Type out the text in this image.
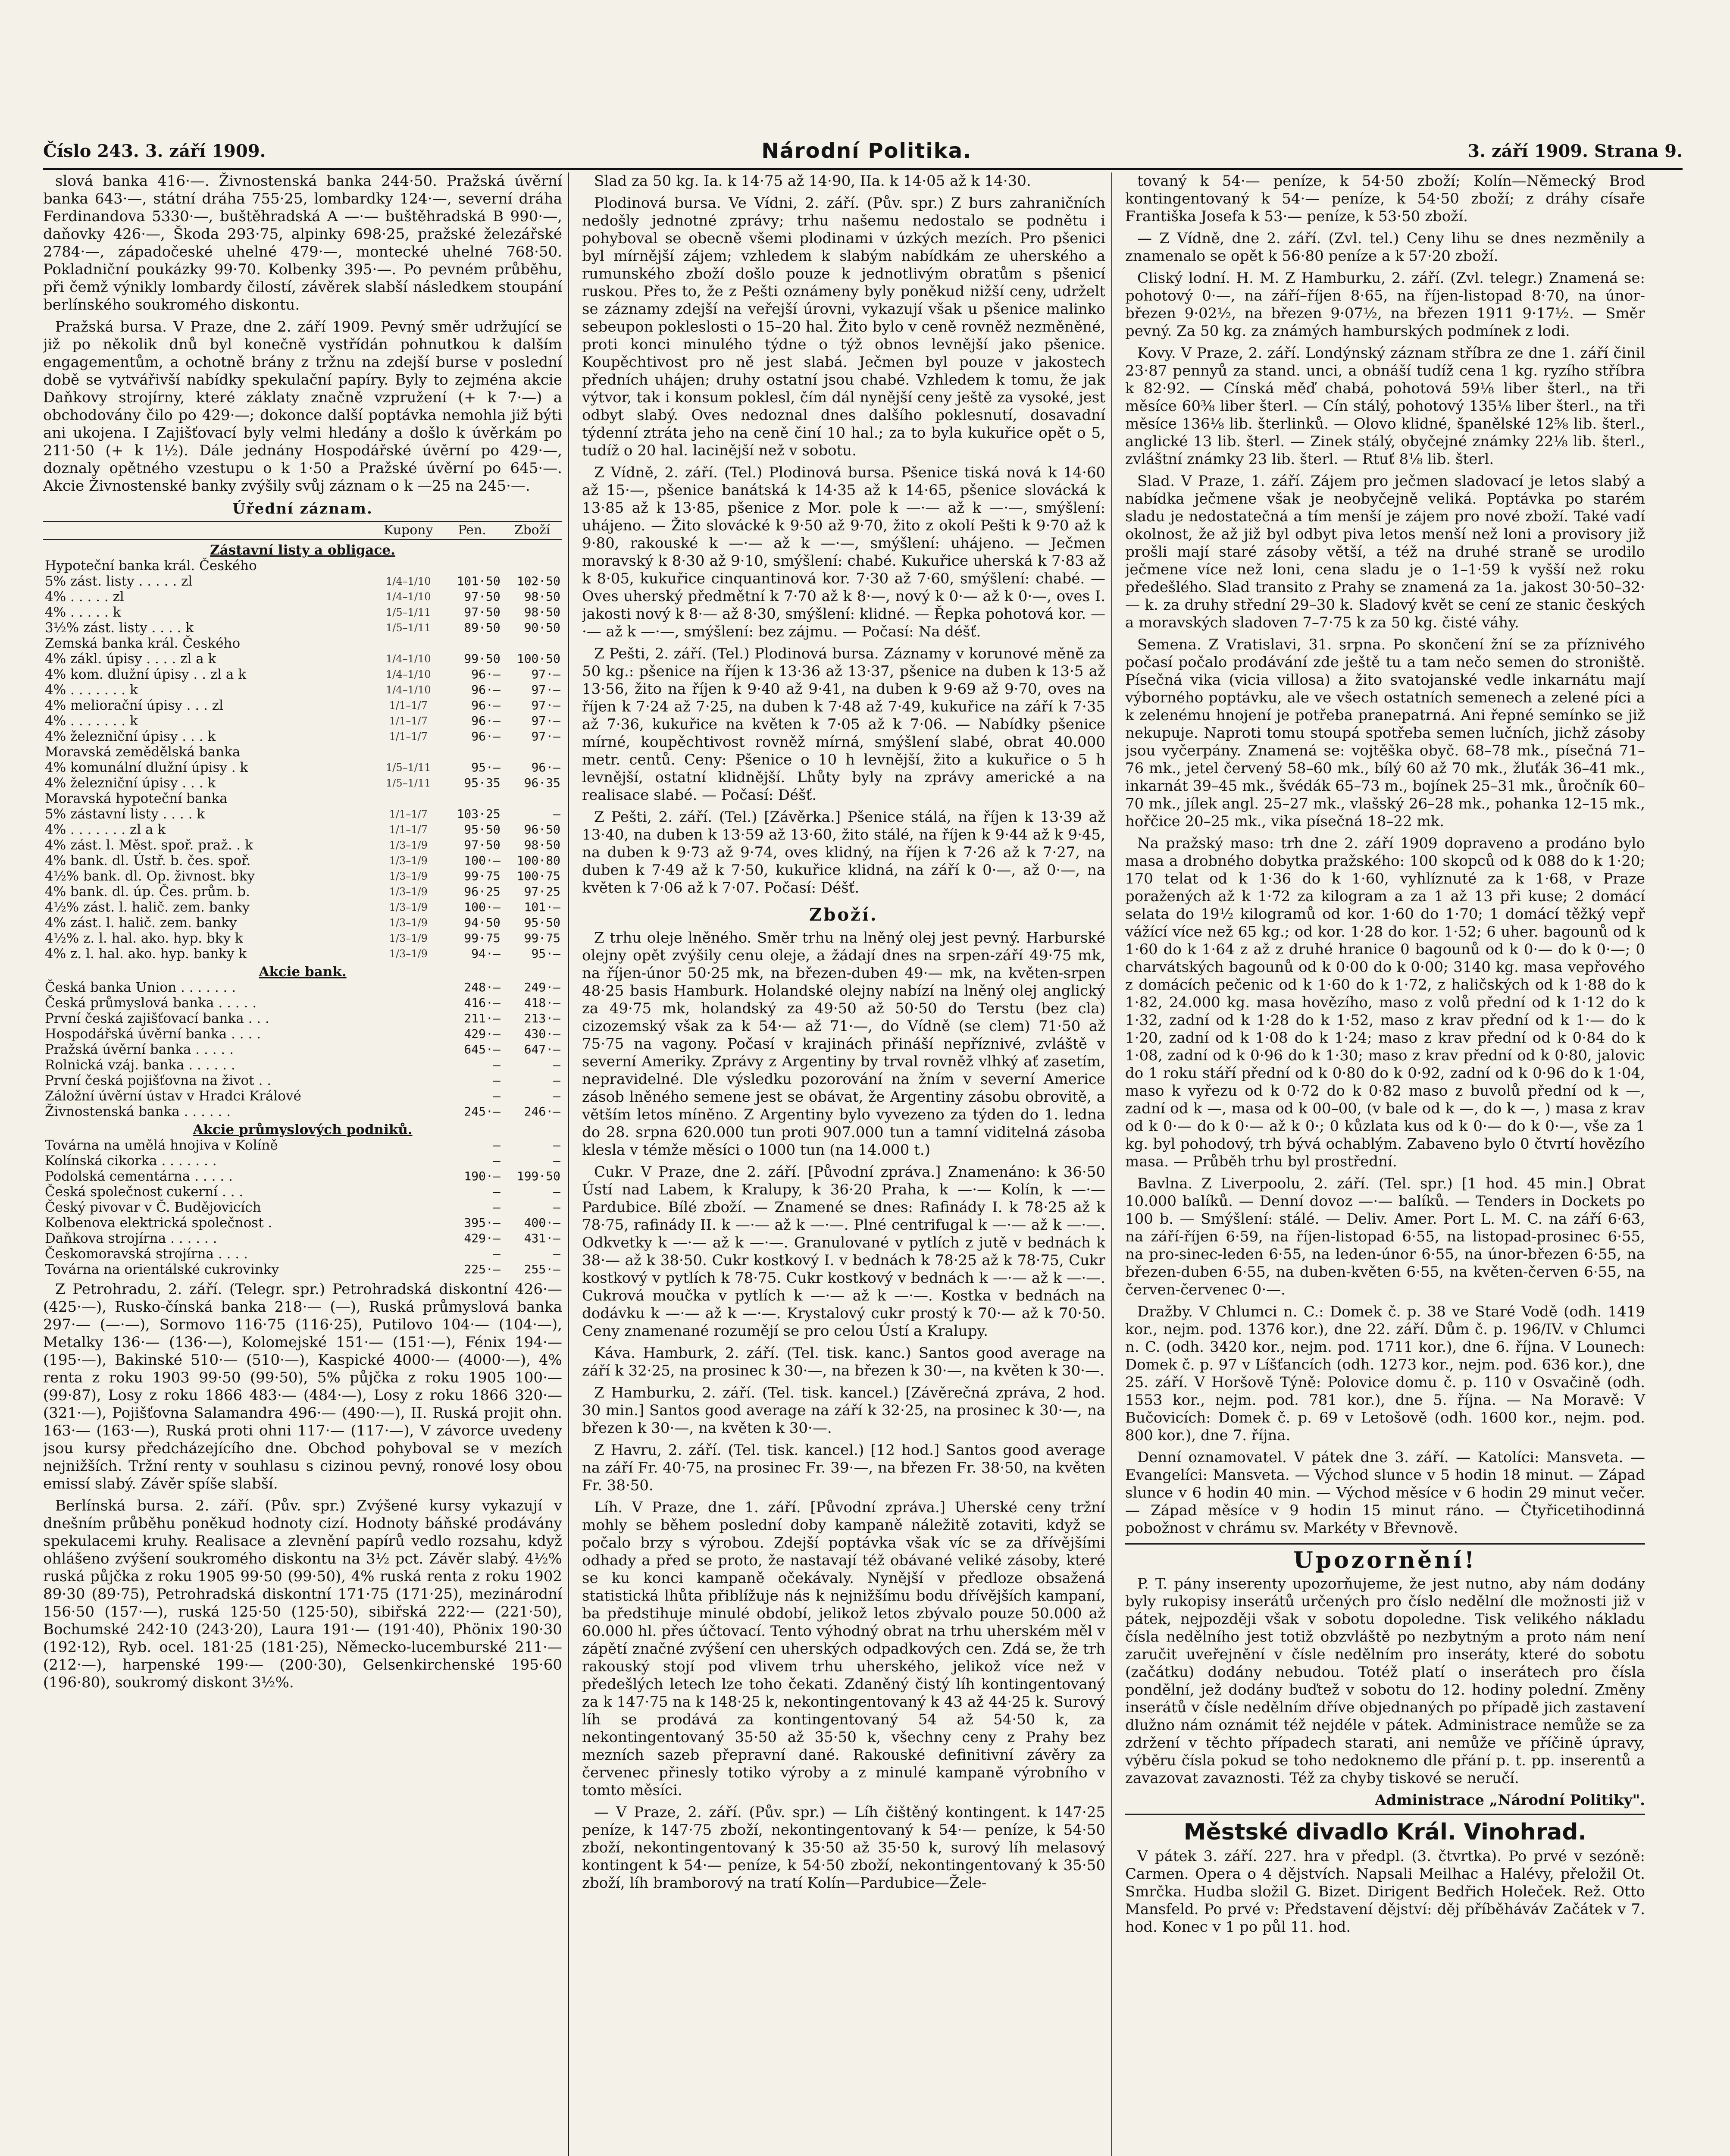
Číslo 243. 3. září 1909.	Národní Politika.	3. září 1909. Strana 9.

slová banka 416·—. Živnostenská banka 244·50. Pražská úvěrní banka 643·—, státní dráha 755·25, lombardky 124·—, severní dráha Ferdinandova 5330·—, buštěhradská A —·— buštěhradská B 990·—, daňovky 426·—, Škoda 293·75, alpinky 698·25, pražské železářské 2784·—, západočeské uhelné 479·—, montecké uhelné 768·50. Pokladniční poukázky 99·70. Kolbenky 395·—. Po pevném průběhu, při čemž výnikly lombardy čilostí, závěrek slabší následkem stoupání berlínského soukromého diskontu.

Pražská bursa. V Praze, dne 2. září 1909. Pevný směr udržující se již po několik dnů byl konečně vystřídán pohnutkou k dalším engagementům, a ochotně brány z tržnu na zdejší burse v poslední době se vytvářivší nabídky spekulační papíry. Byly to zejména akcie Daňkovy strojírny, které záklaty značně vzpružení (+ k 7·—) a obchodovány čilo po 429·—; dokonce další poptávka nemohla již býti ani ukojena. I Zajišťovací byly velmi hledány a došlo k úvěrkám po 211·50 (+ k 1½). Dále jednány Hospodářské úvěrní po 429·—, doznaly opětného vzestupu o k 1·50 a Pražské úvěrní po 645·—. Akcie Živnostenské banky zvýšily svůj záznam o k —25 na 245·—.

Úřední záznam.
	Kupony	Pen.	Zboží
Zástavní listy a obligace.			
Hypoteční banka král. Českého			
5% zást. listy . . . . . zl	1/4–1/10	101·50	102·50
4% . . . . . zl	1/4–1/10	97·50	98·50
4% . . . . . k	1/5–1/11	97·50	98·50
3½% zást. listy . . . . k	1/5–1/11	89·50	90·50
Zemská banka král. Českého			
4% zákl. úpisy . . . . zl a k	1/4–1/10	99·50	100·50
4% kom. dlužní úpisy . . zl a k	1/4–1/10	96·—	97·—
4% . . . . . . . k	1/4–1/10	96·—	97·—
4% meliorační úpisy . . . zl	1/1–1/7	96·—	97·—
4% . . . . . . . k	1/1–1/7	96·—	97·—
4% železniční úpisy . . . k	1/1–1/7	96·—	97·—
Moravská zemědělská banka			
4% komunální dlužní úpisy . k	1/5–1/11	95·—	96·—
4% železniční úpisy . . . k	1/5–1/11	95·35	96·35
Moravská hypoteční banka			
5% zástavní listy . . . . k	1/1–1/7	103·25	—
4% . . . . . . . zl a k	1/1–1/7	95·50	96·50
4% zást. l. Měst. spoř. praž. . k	1/3–1/9	97·50	98·50
4% bank. dl. Ústř. b. čes. spoř.	1/3–1/9	100·—	100·80
4½% bank. dl. Op. živnost. bky	1/3–1/9	99·75	100·75
4% bank. dl. úp. Čes. prům. b.	1/3–1/9	96·25	97·25
4½% zást. l. halič. zem. banky	1/3–1/9	100·—	101·—
4% zást. l. halič. zem. banky	1/3–1/9	94·50	95·50
4½% z. l. hal. ako. hyp. bky k	1/3–1/9	99·75	99·75
4% z. l. hal. ako. hyp. banky k	1/3–1/9	94·—	95·—
Akcie bank.			
Česká banka Union . . . . . . .		248·—	249·—
Česká průmyslová banka . . . . .		416·—	418·—
První česká zajišťovací banka . . .		211·—	213·—
Hospodářská úvěrní banka . . . .		429·—	430·—
Pražská úvěrní banka . . . . .		645·—	647·—
Rolnická vzáj. banka . . . . . .		—	—
První česká pojišťovna na život . .		—	—
Záložní úvěrní ústav v Hradci Králové		—	—
Živnostenská banka . . . . . .		245·—	246·—
Akcie průmyslových podniků.			
Továrna na umělá hnojiva v Kolíně		—	—
Kolínská cikorka . . . . . . .		—	—
Podolská cementárna . . . . .		190·—	199·50
Česká společnost cukerní . . .		—	—
Český pivovar v Č. Budějovicích		—	—
Kolbenova elektrická společnost .		395·—	400·—
Daňkova strojírna . . . . . .		429·—	431·—
Českomoravská strojírna . . . .		—	—
Továrna na orientálské cukrovinky		225·—	255·—

Z Petrohradu, 2. září. (Telegr. spr.) Petrohradská diskontní 426·— (425·—), Rusko-čínská banka 218·— (—), Ruská průmyslová banka 297·— (—·—), Sormovo 116·75 (116·25), Putilovo 104·— (104·—), Metalky 136·— (136·—), Kolomejské 151·— (151·—), Fénix 194·— (195·—), Bakinské 510·— (510·—), Kaspické 4000·— (4000·—), 4% renta z roku 1903 99·50 (99·50), 5% půjčka z roku 1905 100·— (99·87), Losy z roku 1866 483·— (484·—), Losy z roku 1866 320·— (321·—), Pojišťovna Salamandra 496·— (490·—), II. Ruská projit ohn. 163·— (163·—), Ruská proti ohni 117·— (117·—), V závorce uvedeny jsou kursy předcházejícího dne. Obchod pohyboval se v mezích nejnižších. Tržní renty v souhlasu s cizinou pevný, ronové losy obou emissí slabý. Závěr spíše slabší.

Berlínská bursa. 2. září. (Pův. spr.) Zvýšené kursy vykazují v dnešním průběhu poněkud hodnoty cizí. Hodnoty báňské prodávány spekulacemi kruhy. Realisace a zlevnění papírů vedlo rozsahu, když ohlášeno zvýšení soukromého diskontu na 3½ pct. Závěr slabý. 4½% ruská půjčka z roku 1905 99·50 (99·50), 4% ruská renta z roku 1902 89·30 (89·75), Petrohradská diskontní 171·75 (171·25), mezinárodní 156·50 (157·—), ruská 125·50 (125·50), sibiřská 222·— (221·50), Bochumské 242·10 (243·20), Laura 191·— (191·40), Phönix 190·30 (192·12), Ryb. ocel. 181·25 (181·25), Německo-lucemburské 211·— (212·—), harpenské 199·— (200·30), Gelsenkirchenské 195·60 (196·80), soukromý diskont 3½%.

Slad za 50 kg. Ia. k 14·75 až 14·90, IIa. k 14·05 až k 14·30.

Plodinová bursa. Ve Vídni, 2. září. (Pův. spr.) Z burs zahraničních nedošly jednotné zprávy; trhu našemu nedostalo se podnětu i pohyboval se obecně všemi plodinami v úzkých mezích. Pro pšenici byl mírnější zájem; vzhledem k slabým nabídkám ze uherského a rumunského zboží došlo pouze k jednotlivým obratům s pšenicí ruskou. Přes to, že z Pešti oznámeny byly poněkud nižší ceny, udrželt se záznamy zdejší na veřejší úrovni, vykazují však u pšenice malinko sebeupon pokleslosti o 15–20 hal. Žito bylo v ceně rovněž nezměněné, proti konci minulého týdne o týž obnos levnější jako pšenice. Koupěchtivost pro ně jest slabá. Ječmen byl pouze v jakostech předních uhájen; druhy ostatní jsou chabé. Vzhledem k tomu, že jak výtvor, tak i konsum poklesl, čím dál nynější ceny ještě za vysoké, jest odbyt slabý. Oves nedoznal dnes dalšího poklesnutí, dosavadní týdenní ztráta jeho na ceně činí 10 hal.; za to byla kukuřice opět o 5, tudíž o 20 hal. lacinější než v sobotu.

Z Vídně, 2. září. (Tel.) Plodinová bursa. Pšenice tiská nová k 14·60 až 15·—, pšenice banátská k 14·35 až k 14·65, pšenice slovácká k 13·85 až k 13·85, pšenice z Mor. pole k —·— až k —·—, smýšlení: uhájeno. — Žito slovácké k 9·50 až 9·70, žito z okolí Pešti k 9·70 až k 9·80, rakouské k —·— až k —·—, smýšlení: uhájeno. — Ječmen moravský k 8·30 až 9·10, smýšlení: chabé. Kukuřice uherská k 7·83 až k 8·05, kukuřice cinquantinová kor. 7·30 až 7·60, smýšlení: chabé. — Oves uherský předmětní k 7·70 až k 8·—, nový k 0·— až k 0·—, oves I. jakosti nový k 8·— až 8·30, smýšlení: klidné. — Řepka pohotová kor. —·— až k —·—, smýšlení: bez zájmu. — Počasí: Na déšť.

Z Pešti, 2. září. (Tel.) Plodinová bursa. Záznamy v korunové měně za 50 kg.: pšenice na říjen k 13·36 až 13·37, pšenice na duben k 13·5 až 13·56, žito na říjen k 9·40 až 9·41, na duben k 9·69 až 9·70, oves na říjen k 7·24 až 7·25, na duben k 7·48 až 7·49, kukuřice na září k 7·35 až 7·36, kukuřice na květen k 7·05 až k 7·06. — Nabídky pšenice mírné, koupěchtivost rovněž mírná, smýšlení slabé, obrat 40.000 metr. centů. Ceny: Pšenice o 10 h levnější, žito a kukuřice o 5 h levnější, ostatní klidnější. Lhůty byly na zprávy americké a na realisace slabé. — Počasí: Déšť.

Z Pešti, 2. září. (Tel.) [Závěrka.] Pšenice stálá, na říjen k 13·39 až 13·40, na duben k 13·59 až 13·60, žito stálé, na říjen k 9·44 až k 9·45, na duben k 9·73 až 9·74, oves klidný, na říjen k 7·26 až k 7·27, na duben k 7·49 až k 7·50, kukuřice klidná, na září k 0·—, až 0·—, na květen k 7·06 až k 7·07. Počasí: Déšť.

Zboží.

Z trhu oleje lněného. Směr trhu na lněný olej jest pevný. Harburské olejny opět zvýšily cenu oleje, a žádají dnes na srpen-září 49·75 mk, na říjen-únor 50·25 mk, na březen-duben 49·— mk, na květen-srpen 48·25 basis Hamburk. Holandské olejny nabízí na lněný olej anglický za 49·75 mk, holandský za 49·50 až 50·50 do Terstu (bez cla) cizozemský však za k 54·— až 71·—, do Vídně (se clem) 71·50 až 75·75 na vagony. Počasí v krajinách přináší nepříznivé, zvláště v severní Ameriky. Zprávy z Argentiny by trval rovněž vlhký ať zasetím, nepravidelné. Dle výsledku pozorování na žním v severní Americe zásob lněného semene jest se obávat, že Argentiny zásobu obrovitě, a větším letos míněno. Z Argentiny bylo vyvezeno za týden do 1. ledna do 28. srpna 620.000 tun proti 907.000 tun a tamní viditelná zásoba klesla v témže měsíci o 1000 tun (na 14.000 t.)

Cukr. V Praze, dne 2. září. [Původní zpráva.] Znamenáno: k 36·50 Ústí nad Labem, k Kralupy, k 36·20 Praha, k —·— Kolín, k —·— Pardubice. Bílé zboží. — Znamené se dnes: Rafinády I. k 78·25 až k 78·75, rafinády II. k —·— až k —·—. Plné centrifugal k —·— až k —·—. Odkvetky k —·— až k —·—. Granulované v pytlích z jutě v bednách k 38·— až k 38·50. Cukr kostkový I. v bednách k 78·25 až k 78·75, Cukr kostkový v pytlích k 78·75. Cukr kostkový v bednách k —·— až k —·—. Cukrová moučka v pytlích k —·— až k —·—. Kostka v bednách na dodávku k —·— až k —·—. Krystalový cukr prostý k 70·— až k 70·50. Ceny znamenané rozumějí se pro celou Ústí a Kralupy.

Káva. Hamburk, 2. září. (Tel. tisk. kanc.) Santos good average na září k 32·25, na prosinec k 30·—, na březen k 30·—, na květen k 30·—.

Z Hamburku, 2. září. (Tel. tisk. kancel.) [Závěrečná zpráva, 2 hod. 30 min.] Santos good average na září k 32·25, na prosinec k 30·—, na březen k 30·—, na květen k 30·—.

Z Havru, 2. září. (Tel. tisk. kancel.) [12 hod.] Santos good average na září Fr. 40·75, na prosinec Fr. 39·—, na březen Fr. 38·50, na květen Fr. 38·50.

Líh. V Praze, dne 1. září. [Původní zpráva.] Uherské ceny tržní mohly se během poslední doby kampaně náležitě zotaviti, když se počalo brzy s výrobou. Zdejší poptávka však víc se za dřívějšími odhady a před se proto, že nastavají též obávané veliké zásoby, které se ku konci kampaně očekávaly. Nynější v předloze obsažená statistická lhůta přiblížuje nás k nejnižšímu bodu dřívějších kampaní, ba předstihuje minulé období, jelikož letos zbývalo pouze 50.000 až 60.000 hl. přes účtovací. Tento výhodný obrat na trhu uherském měl v zápětí značné zvýšení cen uherských odpadkových cen. Zdá se, že trh rakouský stojí pod vlivem trhu uherského, jelikož více než v předešlých letech lze toho čekati. Zdaněný čistý líh kontingentovaný za k 147·75 na k 148·25 k, nekontingentovaný k 43 až 44·25 k. Surový líh se prodává za kontingentovaný 54 až 54·50 k, za nekontingentovaný 35·50 až 35·50 k, všechny ceny z Prahy bez mezních sazeb přepravní dané. Rakouské definitivní závěry za červenec přinesly totiko výroby a z minulé kampaně výrobního v tomto měsíci.

— V Praze, 2. září. (Pův. spr.) — Líh čištěný kontingent. k 147·25 peníze, k 147·75 zboží, nekontingentovaný k 54·— peníze, k 54·50 zboží, nekontingentovaný k 35·50 až 35·50 k, surový líh melasový kontingent k 54·— peníze, k 54·50 zboží, nekontingentovaný k 35·50 zboží, líh bramborový na tratí Kolín—Pardubice—Žele-

tovaný k 54·— peníze, k 54·50 zboží; Kolín—Německý Brod kontingentovaný k 54·— peníze, k 54·50 zboží; z dráhy císaře Františka Josefa k 53·— peníze, k 53·50 zboží.

— Z Vídně, dne 2. září. (Zvl. tel.) Ceny lihu se dnes nezměnily a znamenalo se opět k 56·80 peníze a k 57·20 zboží.

Cliský lodní. H. M. Z Hamburku, 2. září. (Zvl. telegr.) Znamená se: pohotový 0·—, na září–říjen 8·65, na říjen-listopad 8·70, na únor-březen 9·02½, na březen 9·07½, na březen 1911 9·17½. — Směr pevný. Za 50 kg. za známých hamburských podmínek z lodi.

Kovy. V Praze, 2. září. Londýnský záznam stříbra ze dne 1. září činil 23·87 pennyů za stand. unci, a obnáší tudíž cena 1 kg. ryzího stříbra k 82·92. — Cínská měď chabá, pohotová 59⅛ liber šterl., na tři měsíce 60⅜ liber šterl. — Cín stálý, pohotový 135⅛ liber šterl., na tři měsíce 136⅛ lib. šterlinků. — Olovo klidné, španělské 12⅝ lib. šterl., anglické 13 lib. šterl. — Zinek stálý, obyčejné známky 22⅛ lib. šterl., zvláštní známky 23 lib. šterl. — Rtuť 8⅛ lib. šterl.

Slad. V Praze, 1. září. Zájem pro ječmen sladovací je letos slabý a nabídka ječmene však je neobyčejně veliká. Poptávka po starém sladu je nedostatečná a tím menší je zájem pro nové zboží. Také vadí okolnost, že až již byl odbyt piva letos menší než loni a provisory již prošli mají staré zásoby větší, a též na druhé straně se urodilo ječmene více než loni, cena sladu je o 1–1·59 k vyšší než roku předešlého. Slad transito z Prahy se znamená za 1a. jakost 30·50–32·— k. za druhy střední 29–30 k. Sladový květ se cení ze stanic českých a moravských sladoven 7–7·75 k za 50 kg. čisté váhy.

Semena. Z Vratislavi, 31. srpna. Po skončení žní se za příznivého počasí počalo prodávání zde ještě tu a tam nečo semen do stroniště. Písečná vika (vicia villosa) a žito svatojanské vedle inkarnátu mají výborného poptávku, ale ve všech ostatních semenech a zelené píci a k zelenému hnojení je potřeba pranepatrná. Ani řepné semínko se již nekupuje. Naproti tomu stoupá spotřeba semen lučních, jichž zásoby jsou vyčerpány. Znamená se: vojtěška obyč. 68–78 mk., písečná 71–76 mk., jetel červený 58–60 mk., bílý 60 až 70 mk., žluťák 36–41 mk., inkarnát 39–45 mk., švédák 65–73 m., bojínek 25–31 mk., ůročník 60–70 mk., jílek angl. 25–27 mk., vlašský 26–28 mk., pohanka 12–15 mk., hořčice 20–25 mk., vika písečná 18–22 mk.

Na pražský maso: trh dne 2. září 1909 dopraveno a prodáno bylo masa a drobného dobytka pražského: 100 skopců od k 088 do k 1·20; 170 telat od k 1·36 do k 1·60, vyhlíznuté za k 1·68, v Praze poražených až k 1·72 za kilogram a za 1 až 13 při kuse; 2 domácí selata do 19½ kilogramů od kor. 1·60 do 1·70; 1 domácí těžký vepř vážící více než 65 kg.; od kor. 1·28 do kor. 1·52; 6 uher. bagounů od k 1·60 do k 1·64 z až z druhé hranice 0 bagounů od k 0·— do k 0·—; 0 charvátských bagounů od k 0·00 do k 0·00; 3140 kg. masa vepřového z domácích pečenic od k 1·60 do k 1·72, z haličských od k 1·88 do k 1·82, 24.000 kg. masa hovězího, maso z volů přední od k 1·12 do k 1·32, zadní od k 1·28 do k 1·52, maso z krav přední od k 1·— do k 1·20, zadní od k 1·08 do k 1·24; maso z krav přední od k 0·84 do k 1·08, zadní od k 0·96 do k 1·30; maso z krav přední od k 0·80, jalovic do 1 roku stáří přední od k 0·80 do k 0·92, zadní od k 0·96 do k 1·04, maso k vyřezu od k 0·72 do k 0·82 maso z buvolů přední od k —, zadní od k —, masa od k 00–00, (v bale od k —, do k —, ) masa z krav od k 0·— do k 0·— až k 0·; 0 kůzlata kus od k 0·— do k 0·—, vše za 1 kg. byl pohodový, trh bývá ochablým. Zabaveno bylo 0 čtvrtí hovězího masa. — Průběh trhu byl prostřední.

Bavlna. Z Liverpoolu, 2. září. (Tel. spr.) [1 hod. 45 min.] Obrat 10.000 balíků. — Denní dovoz —·— balíků. — Tenders in Dockets po 100 b. — Smýšlení: stálé. — Deliv. Amer. Port L. M. C. na září 6·63, na září-říjen 6·59, na říjen-listopad 6·55, na listopad-prosinec 6·55, na pro-sinec-leden 6·55, na leden-únor 6·55, na únor-březen 6·55, na březen-duben 6·55, na duben-květen 6·55, na květen-červen 6·55, na červen-červenec 0·—.

Dražby. V Chlumci n. C.: Domek č. p. 38 ve Staré Vodě (odh. 1419 kor., nejm. pod. 1376 kor.), dne 22. září. Dům č. p. 196/IV. v Chlumci n. C. (odh. 3420 kor., nejm. pod. 1711 kor.), dne 6. října. V Lounech: Domek č. p. 97 v Líšťancích (odh. 1273 kor., nejm. pod. 636 kor.), dne 25. září. V Horšově Týně: Polovice domu č. p. 110 v Osvačině (odh. 1553 kor., nejm. pod. 781 kor.), dne 5. října. — Na Moravě: V Bučovicích: Domek č. p. 69 v Letošově (odh. 1600 kor., nejm. pod. 800 kor.), dne 7. října.

Denní oznamovatel. V pátek dne 3. září. — Katolíci: Mansveta. — Evangelíci: Mansveta. — Východ slunce v 5 hodin 18 minut. — Západ slunce v 6 hodin 40 min. — Východ měsíce v 6 hodin 29 minut večer. — Západ měsíce v 9 hodin 15 minut ráno. — Čtyřicetihodinná pobožnost v chrámu sv. Markéty v Břevnově.

Upozornění!

P. T. pány inserenty upozorňujeme, že jest nutno, aby nám dodány byly rukopisy inserátů určených pro číslo nedělní dle možnosti již v pátek, nejpozději však v sobotu dopoledne. Tisk velikého nákladu čísla nedělního jest totiž obzvláště po nezbytným a proto nám není zaručit uveřejnění v čísle nedělním pro inseráty, které do sobotu (začátku) dodány nebudou. Totéž platí o inserátech pro čísla pondělní, jež dodány buďtež v sobotu do 12. hodiny polední. Změny inserátů v čísle nedělním dříve objednaných po případě jich zastavení dlužno nám oznámit též nejdéle v pátek. Administrace nemůže se za zdržení v těchto případech starati, ani nemůže ve příčině úpravy, výběru čísla pokud se toho nedoknemo dle přání p. t. pp. inserentů a zavazovat zavaznosti. Též za chyby tiskové se neručí.

Administrace „Národní Politiky".

Městské divadlo Král. Vinohrad.

V pátek 3. září. 227. hra v předpl. (3. čtvrtka). Po prvé v sezóně: Carmen. Opera o 4 dějstvích. Napsali Meilhac a Halévy, přeložil Ot. Smrčka. Hudba složil G. Bizet. Dirigent Bedřich Holeček. Rež. Otto Mansfeld. Po prvé v: Představení dějství: děj příběháváv Začátek v 7. hod. Konec v 1 po půl 11. hod.
